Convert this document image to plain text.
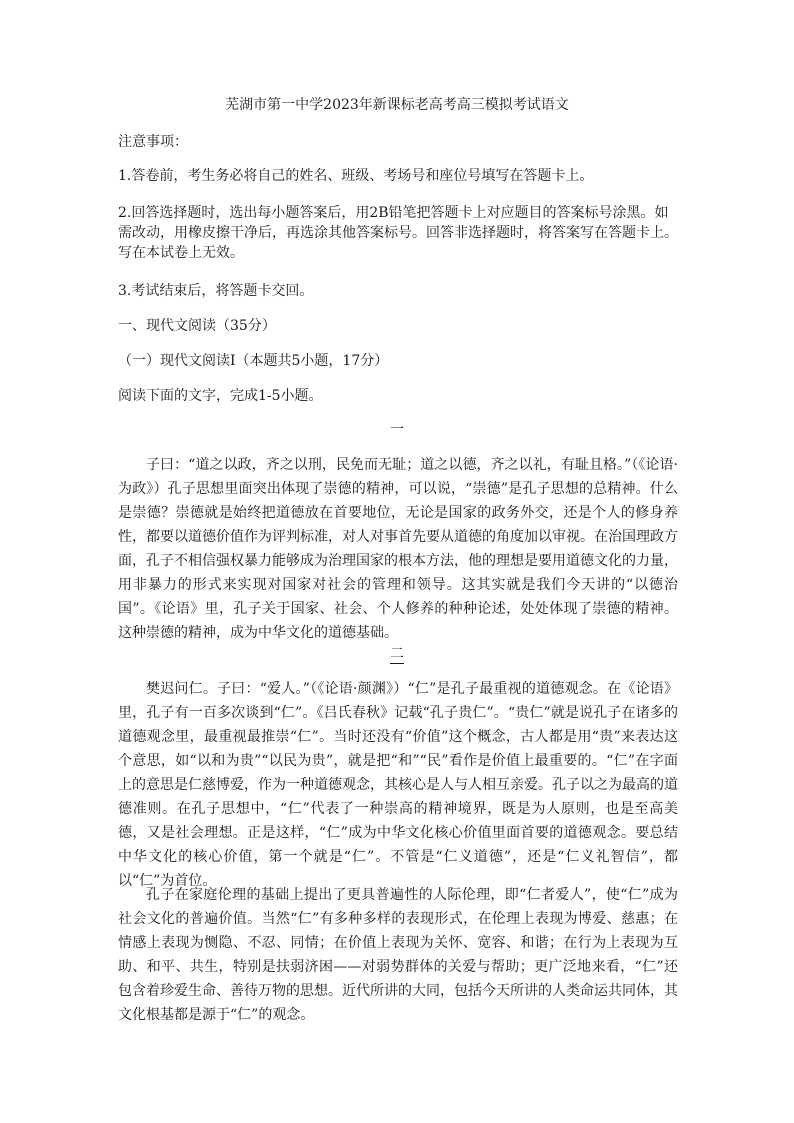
芜湖市第一中学2023年新课标老高考高三模拟考试语文
注意事项：
1.答卷前，考生务必将自己的姓名、班级、考场号和座位号填写在答题卡上。
2.回答选择题时，选出每小题答案后，用2B铅笔把答题卡上对应题目的答案标号涂黑。如需改动，用橡皮擦干净后，再选涂其他答案标号。回答非选择题时，将答案写在答题卡上。写在本试卷上无效。
3.考试结束后，将答题卡交回。
一、现代文阅读（35分）
（一）现代文阅读Ⅰ（本题共5小题，17分）
阅读下面的文字，完成1-5小题。
一
子曰：“道之以政，齐之以刑，民免而无耻；道之以德，齐之以礼，有耻且格。”（《论语·为政》）孔子思想里面突出体现了崇德的精神，可以说，“崇德”是孔子思想的总精神。什么是崇德？崇德就是始终把道德放在首要地位，无论是国家的政务外交，还是个人的修身养性，都要以道德价值作为评判标准，对人对事首先要从道德的角度加以审视。在治国理政方面，孔子不相信强权暴力能够成为治理国家的根本方法，他的理想是要用道德文化的力量，用非暴力的形式来实现对国家对社会的管理和领导。这其实就是我们今天讲的“以德治国”。《论语》里，孔子关于国家、社会、个人修养的种种论述，处处体现了崇德的精神。这种崇德的精神，成为中华文化的道德基础。
二
樊迟问仁。子曰：“爱人。”（《论语·颜渊》）“仁”是孔子最重视的道德观念。在《论语》里，孔子有一百多次谈到“仁”。《吕氏春秋》记载“孔子贵仁”。“贵仁”就是说孔子在诸多的道德观念里，最重视最推崇“仁”。当时还没有“价值”这个概念，古人都是用“贵”来表达这个意思，如“以和为贵”“以民为贵”，就是把“和”“民”看作是价值上最重要的。“仁”在字面上的意思是仁慈博爱，作为一种道德观念，其核心是人与人相互亲爱。孔子以之为最高的道德准则。在孔子思想中，“仁”代表了一种崇高的精神境界，既是为人原则，也是至高美德，又是社会理想。正是这样，“仁”成为中华文化核心价值里面首要的道德观念。要总结中华文化的核心价值，第一个就是“仁”。不管是“仁义道德”，还是“仁义礼智信”，都以“仁”为首位。
孔子在家庭伦理的基础上提出了更具普遍性的人际伦理，即“仁者爱人”，使“仁”成为社会文化的普遍价值。当然“仁”有多种多样的表现形式，在伦理上表现为博爱、慈惠；在情感上表现为恻隐、不忍、同情；在价值上表现为关怀、宽容、和谐；在行为上表现为互助、和平、共生，特别是扶弱济困——对弱势群体的关爱与帮助；更广泛地来看，“仁”还包含着珍爱生命、善待万物的思想。近代所讲的大同，包括今天所讲的人类命运共同体，其文化根基都是源于“仁”的观念。
